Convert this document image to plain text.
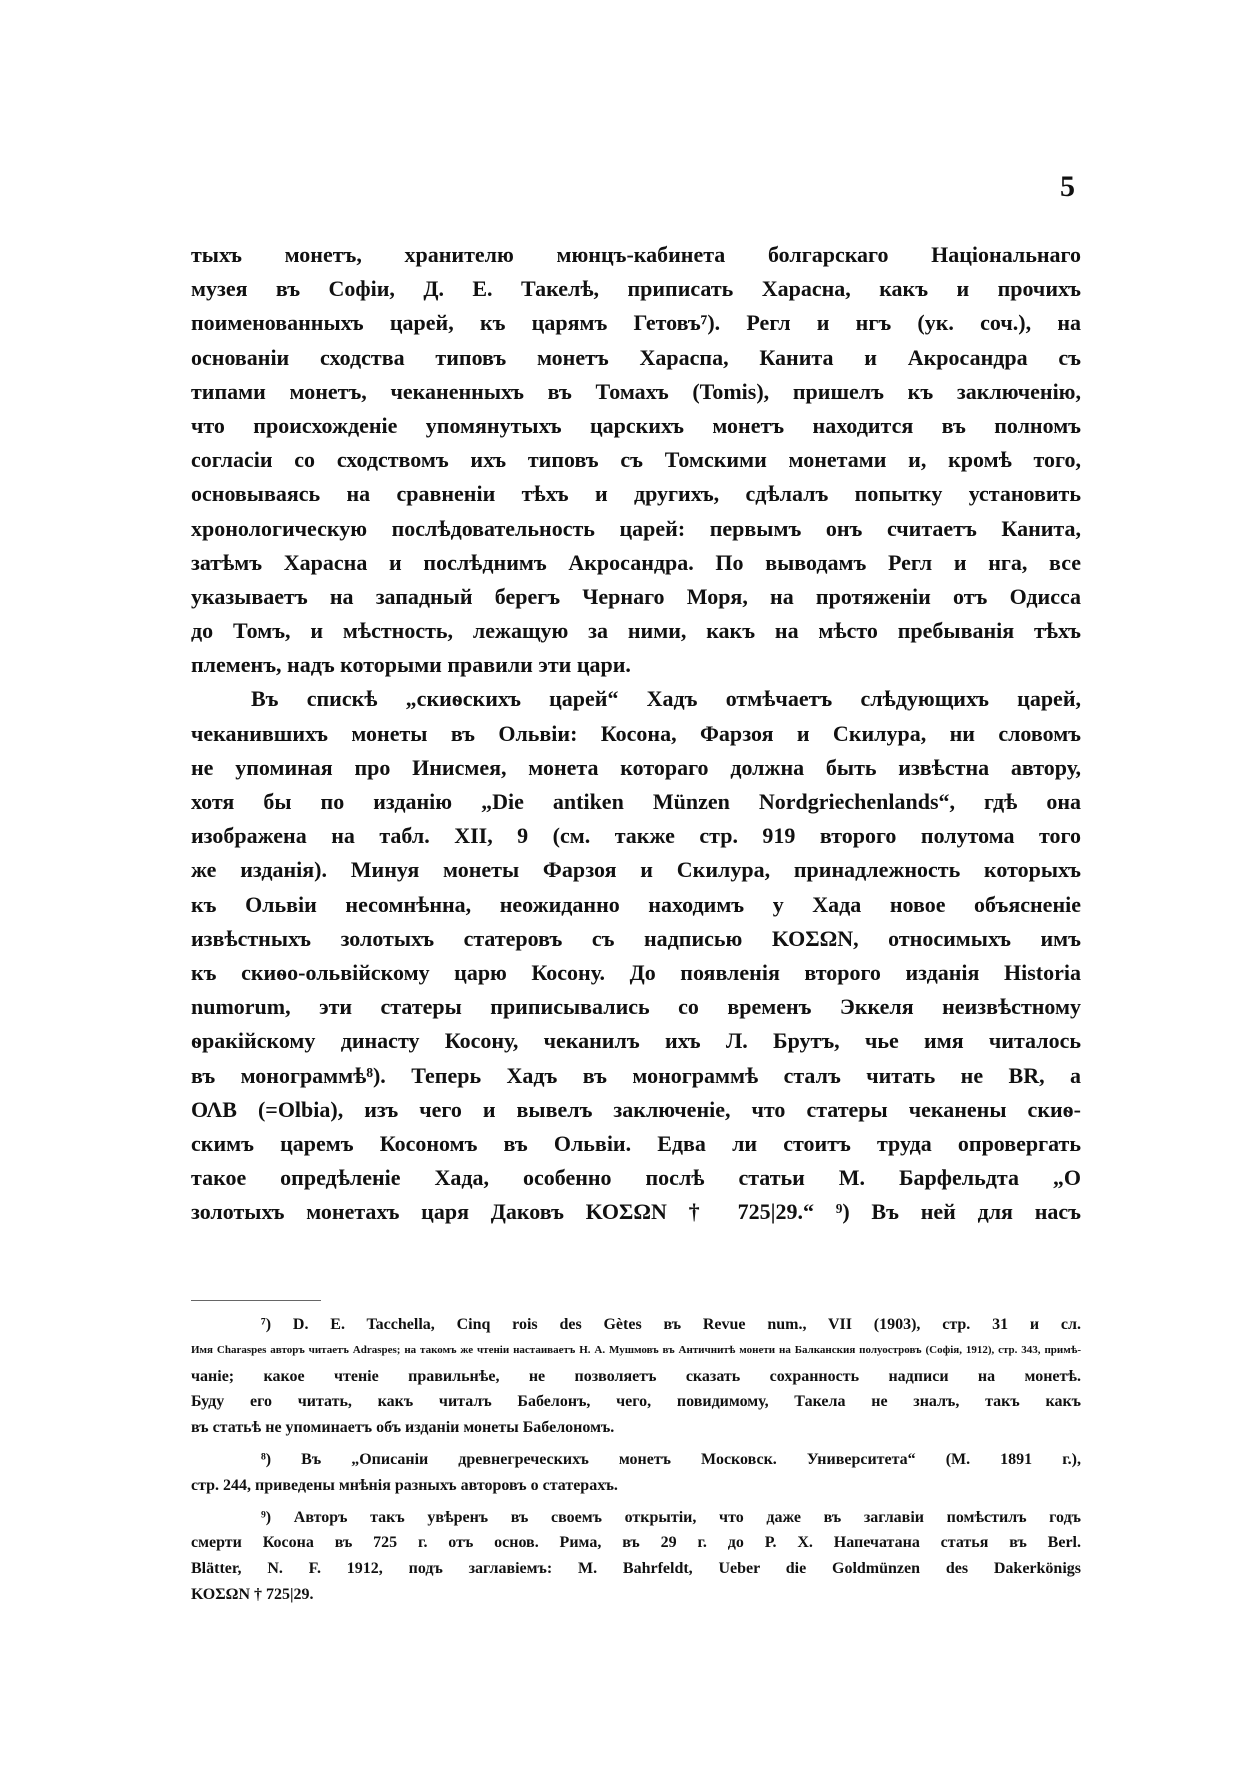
5
тыхъ монетъ, хранителю мюнцъ-кабинета болгарскаго Національнаго
музея въ Софіи, Д. Е. Такелѣ, приписать Харасна, какъ и прочихъ
поименованныхъ царей, къ царямъ Гетовъ⁷). Регл и нгъ (ук. соч.), на
основаніи сходства типовъ монетъ Хараспа, Канита и Акросандра съ
типами монетъ, чеканенныхъ въ Томахъ (Tomis), пришелъ къ заключенію,
что происхожденіе упомянутыхъ царскихъ монетъ находится въ полномъ
согласіи со сходствомъ ихъ типовъ съ Томскими монетами и, кромѣ того,
основываясь на сравненіи тѣхъ и другихъ, сдѣлалъ попытку установить
хронологическую послѣдовательность царей: первымъ онъ считаетъ Канита,
затѣмъ Харасна и послѣднимъ Акросандра. По выводамъ Регл и нга, все
указываетъ на западный берегъ Чернаго Моря, на протяженіи отъ Одисса
до Томъ, и мѣстность, лежащую за ними, какъ на мѣсто пребыванія тѣхъ
племенъ, надъ которыми правили эти цари.
Въ спискѣ „скиѳскихъ царей“ Хадъ отмѣчаетъ слѣдующихъ царей,
чеканившихъ монеты въ Ольвіи: Косона, Фарзоя и Скилура, ни словомъ
не упоминая про Инисмея, монета котораго должна быть извѣстна автору,
хотя бы по изданію „Die antiken Münzen Nordgriechenlands“, гдѣ она
изображена на табл. XII, 9 (см. также стр. 919 второго полутома того
же изданія). Минуя монеты Фарзоя и Скилура, принадлежность которыхъ
къ Ольвіи несомнѣнна, неожиданно находимъ у Хада новое объясненіе
извѣстныхъ золотыхъ статеровъ съ надписью ΚΟΣΩΝ, относимыхъ имъ
къ скиѳо-ольвійскому царю Косону. До появленія второго изданія Historia
numorum, эти статеры приписывались со временъ Эккеля неизвѣстному
ѳракійскому династу Косону, чеканилъ ихъ Л. Брутъ, чье имя читалось
въ монограммѣ⁸). Теперь Хадъ въ монограммѣ сталъ читать не BR, а
ΟΛΒ (=Olbia), изъ чего и вывелъ заключеніе, что статеры чеканены скиѳ-
скимъ царемъ Косономъ въ Ольвіи. Едва ли стоитъ труда опровергать
такое опредѣленіе Хада, особенно послѣ статьи М. Барфельдта „О
золотыхъ монетахъ царя Даковъ ΚΟΣΩΝ † 725|29.“ ⁹) Въ ней для насъ
⁷) D. E. Tacchella, Cinq rois des Gètes въ Revue num., VII (1903), стр. 31 и сл.
Имя Charaspes авторъ читаетъ Adraspes; на такомъ же чтеніи настаиваетъ Н. А. Мушмовъ въ Античнитѣ монети на Балканския полуостровъ (Софія, 1912), стр. 343, примѣ-
чаніе; какое чтеніе правильнѣе, не позволяетъ сказать сохранность надписи на монетѣ.
Буду его читать, какъ читалъ Бабелонъ, чего, повидимому, Такела не зналъ, такъ какъ
въ статьѣ не упоминаетъ объ изданіи монеты Бабелономъ.
⁸) Въ „Описаніи древнегреческихъ монетъ Московск. Университета“ (М. 1891 г.),
стр. 244, приведены мнѣнія разныхъ авторовъ о статерахъ.
⁹) Авторъ такъ увѣренъ въ своемъ открытіи, что даже въ заглавіи помѣстилъ годъ
смерти Косона въ 725 г. отъ основ. Рима, въ 29 г. до Р. Х. Напечатана статья въ Berl.
Blätter, N. F. 1912, подъ заглавіемъ: M. Bahrfeldt, Ueber die Goldmünzen des Dakerkönigs
ΚΟΣΩΝ † 725|29.
